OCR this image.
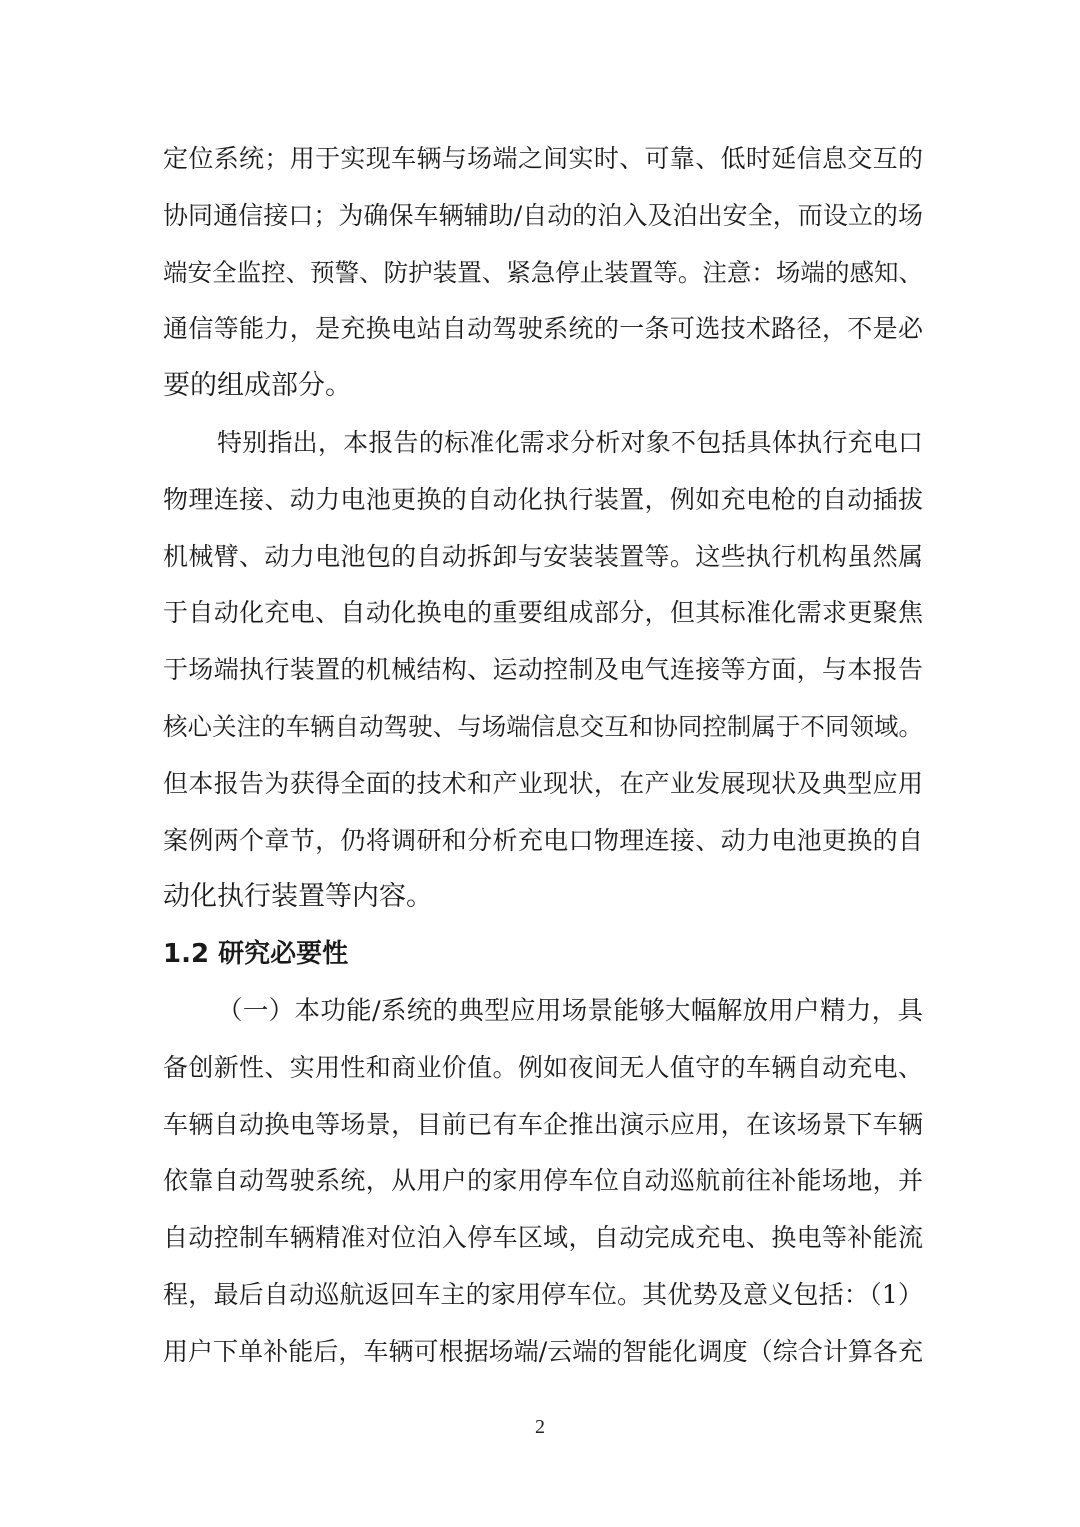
定位系统；用于实现车辆与场端之间实时、可靠、低时延信息交互的
协同通信接口；为确保车辆辅助/自动的泊入及泊出安全，而设立的场
端安全监控、预警、防护装置、紧急停止装置等。注意：场端的感知、
通信等能力，是充换电站自动驾驶系统的一条可选技术路径，不是必
要的组成部分。
特别指出，本报告的标准化需求分析对象不包括具体执行充电口
物理连接、动力电池更换的自动化执行装置，例如充电枪的自动插拔
机械臂、动力电池包的自动拆卸与安装装置等。这些执行机构虽然属
于自动化充电、自动化换电的重要组成部分，但其标准化需求更聚焦
于场端执行装置的机械结构、运动控制及电气连接等方面，与本报告
核心关注的车辆自动驾驶、与场端信息交互和协同控制属于不同领域。
但本报告为获得全面的技术和产业现状，在产业发展现状及典型应用
案例两个章节，仍将调研和分析充电口物理连接、动力电池更换的自
动化执行装置等内容。
1.2 研究必要性
（一）本功能/系统的典型应用场景能够大幅解放用户精力，具
备创新性、实用性和商业价值。例如夜间无人值守的车辆自动充电、
车辆自动换电等场景，目前已有车企推出演示应用，在该场景下车辆
依靠自动驾驶系统，从用户的家用停车位自动巡航前往补能场地，并
自动控制车辆精准对位泊入停车区域，自动完成充电、换电等补能流
程，最后自动巡航返回车主的家用停车位。其优势及意义包括：（1）
用户下单补能后，车辆可根据场端/云端的智能化调度（综合计算各充
2
